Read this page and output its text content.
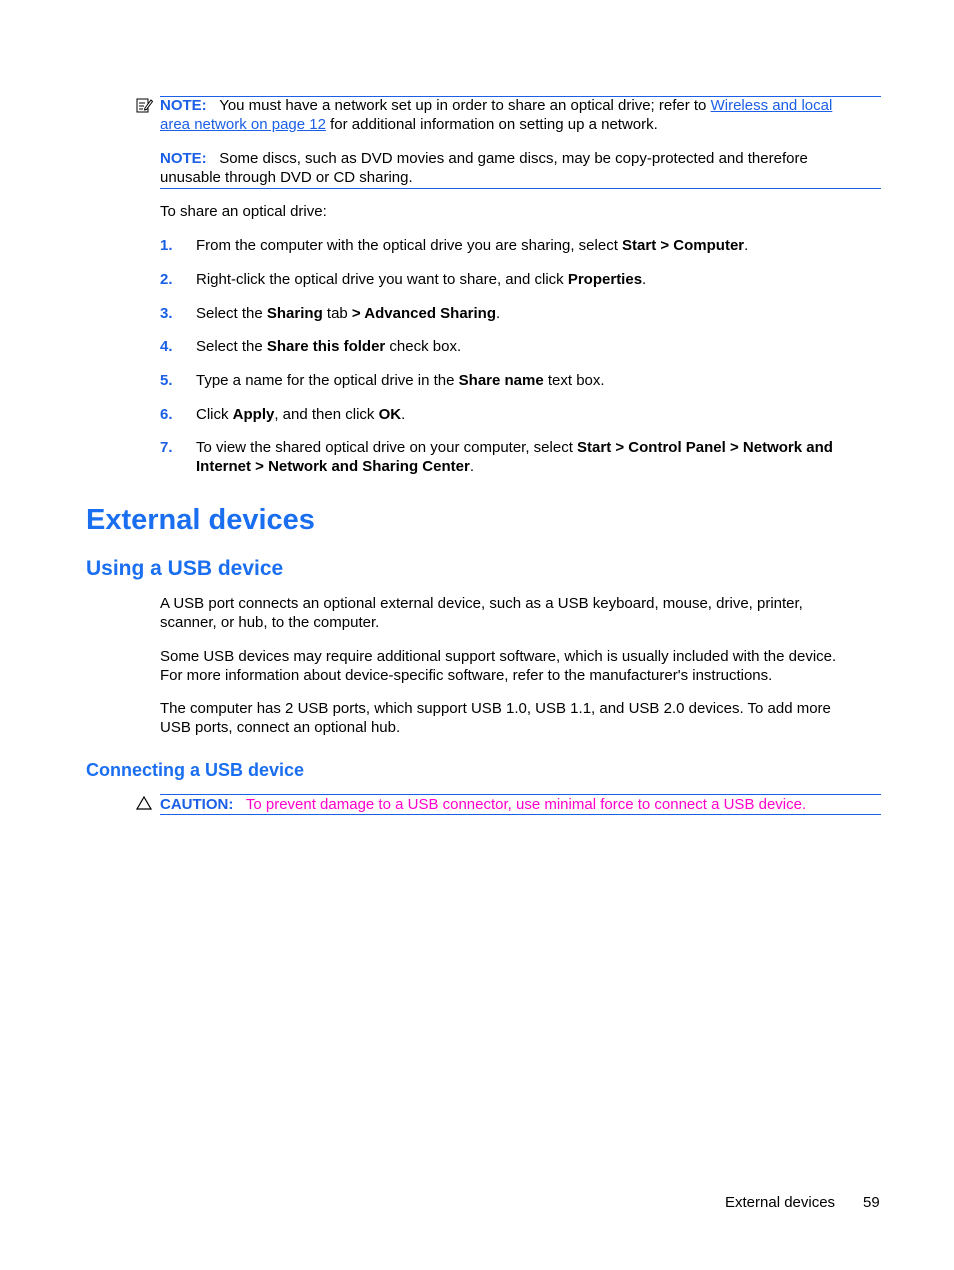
NOTE: You must have a network set up in order to share an optical drive; refer to Wireless and local
area network on page 12 for additional information on setting up a network.
NOTE: Some discs, such as DVD movies and game discs, may be copy-protected and therefore
unusable through DVD or CD sharing.
To share an optical drive:
1. From the computer with the optical drive you are sharing, select Start > Computer.
2. Right-click the optical drive you want to share, and click Properties.
3. Select the Sharing tab > Advanced Sharing.
4. Select the Share this folder check box.
5. Type a name for the optical drive in the Share name text box.
6. Click Apply, and then click OK.
7. To view the shared optical drive on your computer, select Start > Control Panel > Network and
Internet > Network and Sharing Center.
External devices
Using a USB device
A USB port connects an optional external device, such as a USB keyboard, mouse, drive, printer,
scanner, or hub, to the computer.
Some USB devices may require additional support software, which is usually included with the device.
For more information about device-specific software, refer to the manufacturer's instructions.
The computer has 2 USB ports, which support USB 1.0, USB 1.1, and USB 2.0 devices. To add more
USB ports, connect an optional hub.
Connecting a USB device
CAUTION: To prevent damage to a USB connector, use minimal force to connect a USB device.
External devices 59
